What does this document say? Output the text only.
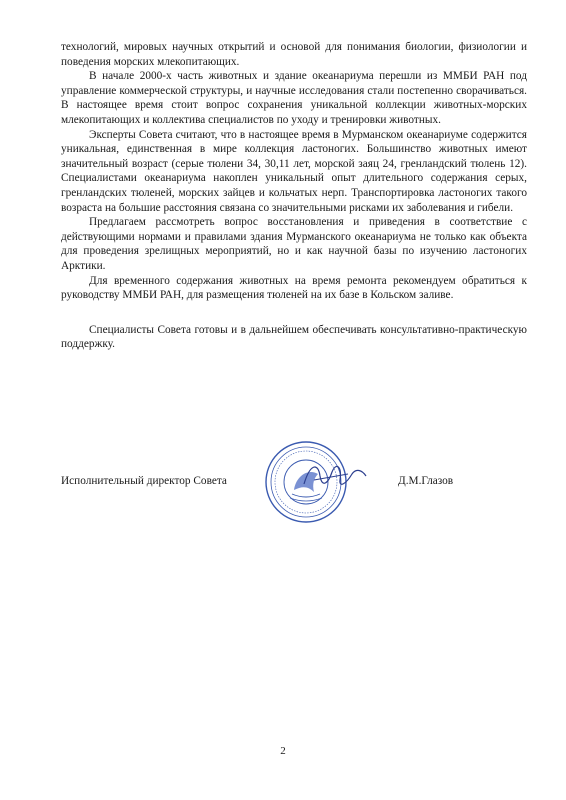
технологий, мировых научных открытий и основой для понимания биологии, физиологии и поведения морских млекопитающих.

В начале 2000-х часть животных и здание океанариума перешли из ММБИ РАН под управление коммерческой структуры, и научные исследования стали постепенно сворачиваться. В настоящее время стоит вопрос сохранения уникальной коллекции животных-морских млекопитающих и коллектива специалистов по уходу и тренировки животных.

Эксперты Совета считают, что в настоящее время в Мурманском океанариуме содержится уникальная, единственная в мире коллекция ластоногих. Большинство животных имеют значительный возраст (серые тюлени 34, 30,11 лет, морской заяц 24, гренландский тюлень 12). Специалистами океанариума накоплен уникальный опыт длительного содержания серых, гренландских тюленей, морских зайцев и кольчатых нерп. Транспортировка ластоногих такого возраста на большие расстояния связана со значительными рисками их заболевания и гибели.

Предлагаем рассмотреть вопрос восстановления и приведения в соответствие с действующими нормами и правилами здания Мурманского океанариума не только как объекта для проведения зрелищных мероприятий, но и как научной базы по изучению ластоногих Арктики.

Для временного содержания животных на время ремонта рекомендуем обратиться к руководству ММБИ РАН, для размещения тюленей на их базе в Кольском заливе.

Специалисты Совета готовы и в дальнейшем обеспечивать консультативно-практическую поддержку.

Исполнительный директор Совета	Д.М.Глазов
2
